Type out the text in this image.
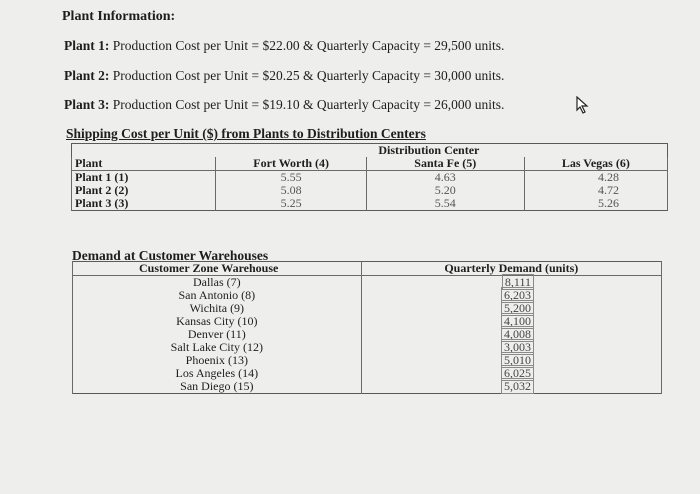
Plant Information:
Plant 1: Production Cost per Unit = $22.00 & Quarterly Capacity = 29,500 units.
Plant 2: Production Cost per Unit = $20.25 & Quarterly Capacity = 30,000 units.
Plant 3: Production Cost per Unit = $19.10 & Quarterly Capacity = 26,000 units.
Shipping Cost per Unit ($) from Plants to Distribution Centers
		Distribution Center	
Plant	Fort Worth (4)	Santa Fe (5)	Las Vegas (6)
Plant 1 (1)	5.55	4.63	4.28
Plant 2 (2)	5.08	5.20	4.72
Plant 3 (3)	5.25	5.54	5.26
Demand at Customer Warehouses
Customer Zone Warehouse	Quarterly Demand (units)
Dallas (7)	8,111
San Antonio (8)	6,203
Wichita (9)	5,200
Kansas City (10)	4,100
Denver (11)	4,008
Salt Lake City (12)	3,003
Phoenix (13)	5,010
Los Angeles (14)	6,025
San Diego (15)	5,032
